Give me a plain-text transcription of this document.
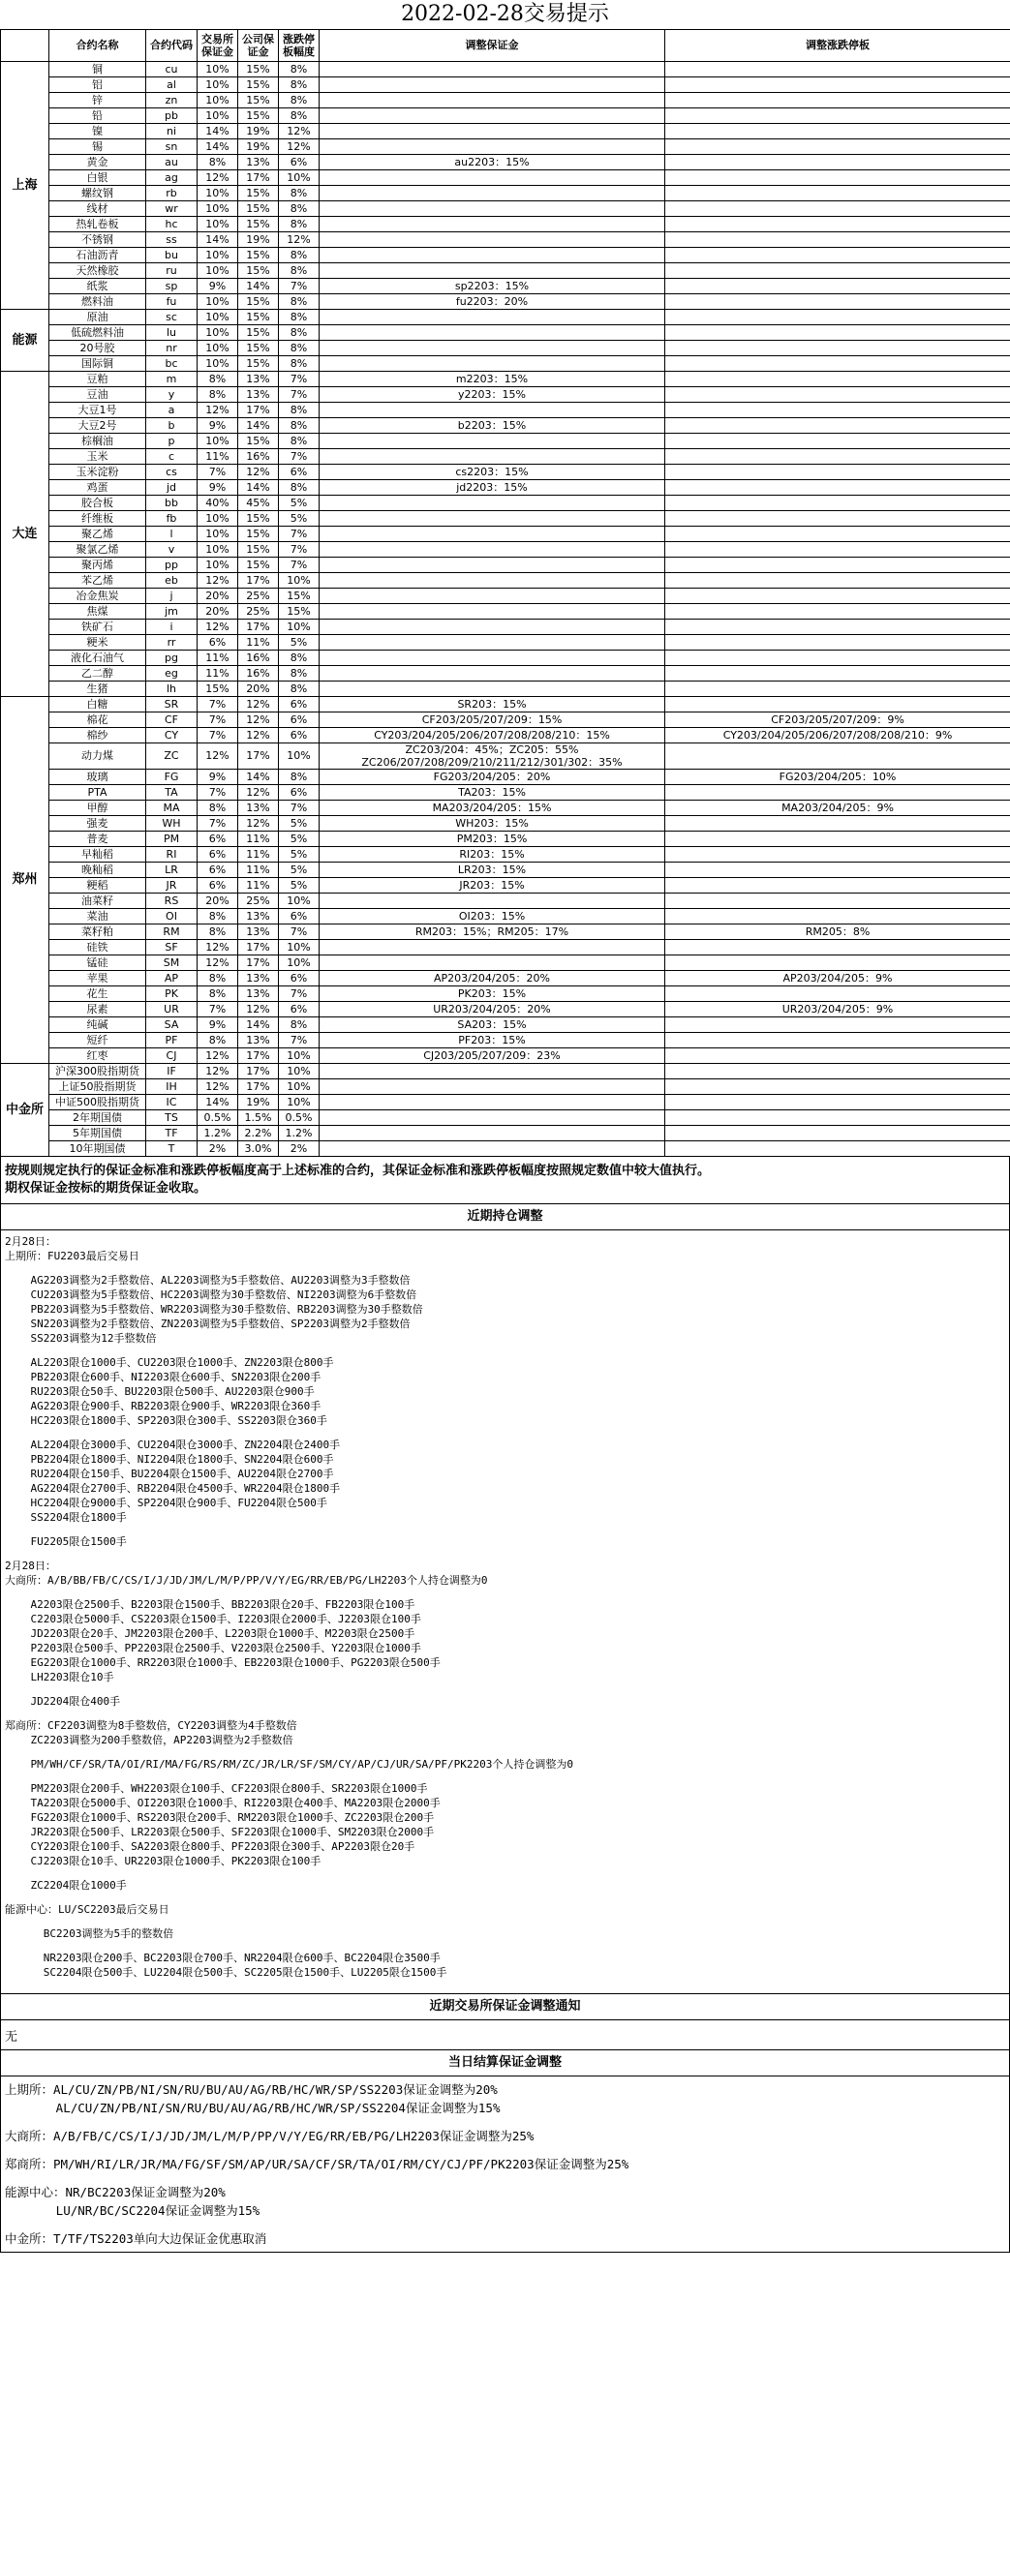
2022-02-28交易提示
	合约名称	合约代码	交易所保证金	公司保证金	涨跌停板幅度	调整保证金	调整涨跌停板
上海	铜	cu	10%	15%	8%		
	铝	al	10%	15%	8%		
	锌	zn	10%	15%	8%		
	铅	pb	10%	15%	8%		
	镍	ni	14%	19%	12%		
	锡	sn	14%	19%	12%		
	黄金	au	8%	13%	6%	au2203：15%	
	白银	ag	12%	17%	10%		
	螺纹钢	rb	10%	15%	8%		
	线材	wr	10%	15%	8%		
	热轧卷板	hc	10%	15%	8%		
	不锈钢	ss	14%	19%	12%		
	石油沥青	bu	10%	15%	8%		
	天然橡胶	ru	10%	15%	8%		
	纸浆	sp	9%	14%	7%	sp2203：15%	
	燃料油	fu	10%	15%	8%	fu2203：20%	
能源	原油	sc	10%	15%	8%		
	低硫燃料油	lu	10%	15%	8%		
	20号胶	nr	10%	15%	8%		
	国际铜	bc	10%	15%	8%		
大连	豆粕	m	8%	13%	7%	m2203：15%	
	豆油	y	8%	13%	7%	y2203：15%	
	大豆1号	a	12%	17%	8%		
	大豆2号	b	9%	14%	8%	b2203：15%	
	棕榈油	p	10%	15%	8%		
	玉米	c	11%	16%	7%		
	玉米淀粉	cs	7%	12%	6%	cs2203：15%	
	鸡蛋	jd	9%	14%	8%	jd2203：15%	
	胶合板	bb	40%	45%	5%		
	纤维板	fb	10%	15%	5%		
	聚乙烯	l	10%	15%	7%		
	聚氯乙烯	v	10%	15%	7%		
	聚丙烯	pp	10%	15%	7%		
	苯乙烯	eb	12%	17%	10%		
	冶金焦炭	j	20%	25%	15%		
	焦煤	jm	20%	25%	15%		
	铁矿石	i	12%	17%	10%		
	粳米	rr	6%	11%	5%		
	液化石油气	pg	11%	16%	8%		
	乙二醇	eg	11%	16%	8%		
	生猪	lh	15%	20%	8%		
郑州	白糖	SR	7%	12%	6%	SR203：15%	
	棉花	CF	7%	12%	6%	CF203/205/207/209：15%	CF203/205/207/209：9%
	棉纱	CY	7%	12%	6%	CY203/204/205/206/207/208/208/210：15%	CY203/204/205/206/207/208/208/210：9%
	动力煤	ZC	12%	17%	10%	ZC203/204：45%；ZC205：55% ZC206/207/208/209/210/211/212/301/302：35%	
	玻璃	FG	9%	14%	8%	FG203/204/205：20%	FG203/204/205：10%
	PTA	TA	7%	12%	6%	TA203：15%	
	甲醇	MA	8%	13%	7%	MA203/204/205：15%	MA203/204/205：9%
	强麦	WH	7%	12%	5%	WH203：15%	
	普麦	PM	6%	11%	5%	PM203：15%	
	早籼稻	RI	6%	11%	5%	RI203：15%	
	晚籼稻	LR	6%	11%	5%	LR203：15%	
	粳稻	JR	6%	11%	5%	JR203：15%	
	油菜籽	RS	20%	25%	10%		
	菜油	OI	8%	13%	6%	OI203：15%	
	菜籽粕	RM	8%	13%	7%	RM203：15%；RM205：17%	RM205：8%
	硅铁	SF	12%	17%	10%		
	锰硅	SM	12%	17%	10%		
	苹果	AP	8%	13%	6%	AP203/204/205：20%	AP203/204/205：9%
	花生	PK	8%	13%	7%	PK203：15%	
	尿素	UR	7%	12%	6%	UR203/204/205：20%	UR203/204/205：9%
	纯碱	SA	9%	14%	8%	SA203：15%	
	短纤	PF	8%	13%	7%	PF203：15%	
	红枣	CJ	12%	17%	10%	CJ203/205/207/209：23%	
中金所	沪深300股指期货	IF	12%	17%	10%		
	上证50股指期货	IH	12%	17%	10%		
	中证500股指期货	IC	14%	19%	10%		
	2年期国债	TS	0.5%	1.5%	0.5%		
	5年期国债	TF	1.2%	2.2%	1.2%		
	10年期国债	T	2%	3.0%	2%		
按规则规定执行的保证金标准和涨跌停板幅度高于上述标准的合约，其保证金标准和涨跌停板幅度按照规定数值中较大值执行。
期权保证金按标的期货保证金收取。
近期持仓调整
2月28日：
上期所：FU2203最后交易日
AG2203调整为2手整数倍、AL2203调整为5手整数倍、AU2203调整为3手整数倍
CU2203调整为5手整数倍、HC2203调整为30手整数倍、NI2203调整为6手整数倍
PB2203调整为5手整数倍、WR2203调整为30手整数倍、RB2203调整为30手整数倍
SN2203调整为2手整数倍、ZN2203调整为5手整数倍、SP2203调整为2手整数倍
SS2203调整为12手整数倍
AL2203限仓1000手、CU2203限仓1000手、ZN2203限仓800手
PB2203限仓600手、NI2203限仓600手、SN2203限仓200手
RU2203限仓50手、BU2203限仓500手、AU2203限仓900手
AG2203限仓900手、RB2203限仓900手、WR2203限仓360手
HC2203限仓1800手、SP2203限仓300手、SS2203限仓360手
AL2204限仓3000手、CU2204限仓3000手、ZN2204限仓2400手
PB2204限仓1800手、NI2204限仓1800手、SN2204限仓600手
RU2204限仓150手、BU2204限仓1500手、AU2204限仓2700手
AG2204限仓2700手、RB2204限仓4500手、WR2204限仓1800手
HC2204限仓9000手、SP2204限仓900手、FU2204限仓500手
SS2204限仓1800手
FU2205限仓1500手
2月28日：
大商所：A/B/BB/FB/C/CS/I/J/JD/JM/L/M/P/PP/V/Y/EG/RR/EB/PG/LH2203个人持仓调整为0
A2203限仓2500手、B2203限仓1500手、BB2203限仓20手、FB2203限仓100手
C2203限仓5000手、CS2203限仓1500手、I2203限仓2000手、J2203限仓100手
JD2203限仓20手、JM2203限仓200手、L2203限仓1000手、M2203限仓2500手
P2203限仓500手、PP2203限仓2500手、V2203限仓2500手、Y2203限仓1000手
EG2203限仓1000手、RR2203限仓1000手、EB2203限仓1000手、PG2203限仓500手
LH2203限仓10手
JD2204限仓400手
郑商所：CF2203调整为8手整数倍，CY2203调整为4手整数倍
ZC2203调整为200手整数倍，AP2203调整为2手整数倍
PM/WH/CF/SR/TA/OI/RI/MA/FG/RS/RM/ZC/JR/LR/SF/SM/CY/AP/CJ/UR/SA/PF/PK2203个人持仓调整为0
PM2203限仓200手、WH2203限仓100手、CF2203限仓800手、SR2203限仓1000手
TA2203限仓5000手、OI2203限仓1000手、RI2203限仓400手、MA2203限仓2000手
FG2203限仓1000手、RS2203限仓200手、RM2203限仓1000手、ZC2203限仓200手
JR2203限仓500手、LR2203限仓500手、SF2203限仓1000手、SM2203限仓2000手
CY2203限仓100手、SA2203限仓800手、PF2203限仓300手、AP2203限仓20手
CJ2203限仓10手、UR2203限仓1000手、PK2203限仓100手
ZC2204限仓1000手
能源中心：LU/SC2203最后交易日
BC2203调整为5手的整数倍
NR2203限仓200手、BC2203限仓700手、NR2204限仓600手、BC2204限仓3500手
SC2204限仓500手、LU2204限仓500手、SC2205限仓1500手、LU2205限仓1500手
近期交易所保证金调整通知
无
当日结算保证金调整
上期所：AL/CU/ZN/PB/NI/SN/RU/BU/AU/AG/RB/HC/WR/SP/SS2203保证金调整为20%
AL/CU/ZN/PB/NI/SN/RU/BU/AU/AG/RB/HC/WR/SP/SS2204保证金调整为15%
大商所：A/B/FB/C/CS/I/J/JD/JM/L/M/P/PP/V/Y/EG/RR/EB/PG/LH2203保证金调整为25%
郑商所：PM/WH/RI/LR/JR/MA/FG/SF/SM/AP/UR/SA/CF/SR/TA/OI/RM/CY/CJ/PF/PK2203保证金调整为25%
能源中心：NR/BC2203保证金调整为20%
LU/NR/BC/SC2204保证金调整为15%
中金所：T/TF/TS2203单向大边保证金优惠取消
